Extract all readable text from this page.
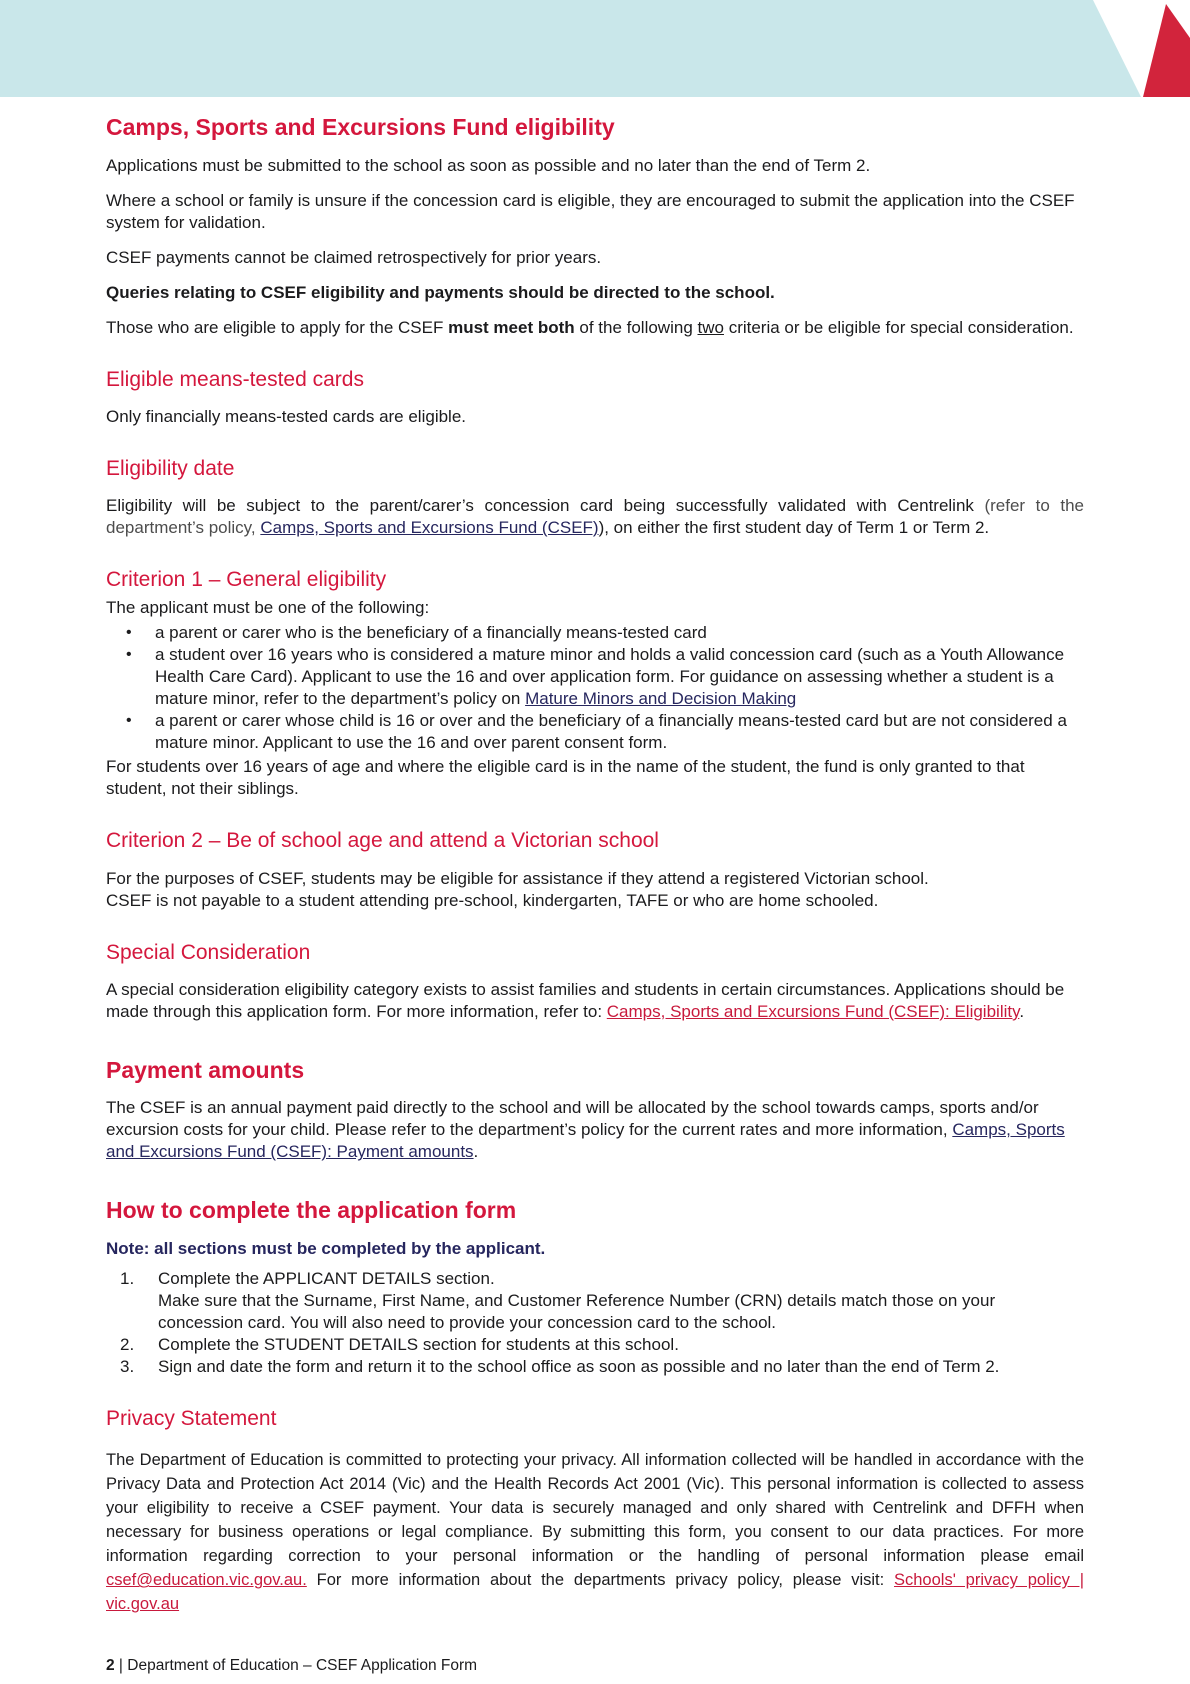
Camps, Sports and Excursions Fund eligibility

Applications must be submitted to the school as soon as possible and no later than the end of Term 2.

Where a school or family is unsure if the concession card is eligible, they are encouraged to submit the application into the CSEF system for validation.

CSEF payments cannot be claimed retrospectively for prior years.

Queries relating to CSEF eligibility and payments should be directed to the school.

Those who are eligible to apply for the CSEF must meet both of the following two criteria or be eligible for special consideration.

Eligible means-tested cards

Only financially means-tested cards are eligible.

Eligibility date

Eligibility will be subject to the parent/carer’s concession card being successfully validated with Centrelink (refer to the department’s policy, Camps, Sports and Excursions Fund (CSEF)), on either the first student day of Term 1 or Term 2.

Criterion 1 – General eligibility

The applicant must be one of the following:

• a parent or carer who is the beneficiary of a financially means-tested card
• a student over 16 years who is considered a mature minor and holds a valid concession card (such as a Youth Allowance Health Care Card). Applicant to use the 16 and over application form. For guidance on assessing whether a student is a mature minor, refer to the department’s policy on Mature Minors and Decision Making
• a parent or carer whose child is 16 or over and the beneficiary of a financially means-tested card but are not considered a mature minor. Applicant to use the 16 and over parent consent form.

For students over 16 years of age and where the eligible card is in the name of the student, the fund is only granted to that student, not their siblings.

Criterion 2 – Be of school age and attend a Victorian school

For the purposes of CSEF, students may be eligible for assistance if they attend a registered Victorian school.
CSEF is not payable to a student attending pre-school, kindergarten, TAFE or who are home schooled.

Special Consideration

A special consideration eligibility category exists to assist families and students in certain circumstances. Applications should be made through this application form. For more information, refer to: Camps, Sports and Excursions Fund (CSEF): Eligibility.

Payment amounts

The CSEF is an annual payment paid directly to the school and will be allocated by the school towards camps, sports and/or excursion costs for your child. Please refer to the department’s policy for the current rates and more information, Camps, Sports and Excursions Fund (CSEF): Payment amounts.

How to complete the application form

Note: all sections must be completed by the applicant.

Complete the APPLICANT DETAILS section.
Make sure that the Surname, First Name, and Customer Reference Number (CRN) details match those on your concession card. You will also need to provide your concession card to the school.
Complete the STUDENT DETAILS section for students at this school.
Sign and date the form and return it to the school office as soon as possible and no later than the end of Term 2.
Privacy Statement

The Department of Education is committed to protecting your privacy. All information collected will be handled in accordance with the Privacy Data and Protection Act 2014 (Vic) and the Health Records Act 2001 (Vic). This personal information is collected to assess your eligibility to receive a CSEF payment. Your data is securely managed and only shared with Centrelink and DFFH when necessary for business operations or legal compliance. By submitting this form, you consent to our data practices. For more information regarding correction to your personal information or the handling of personal information please email csef@education.vic.gov.au. For more information about the departments privacy policy, please visit: Schools' privacy policy | vic.gov.au

2 | Department of Education – CSEF Application Form
